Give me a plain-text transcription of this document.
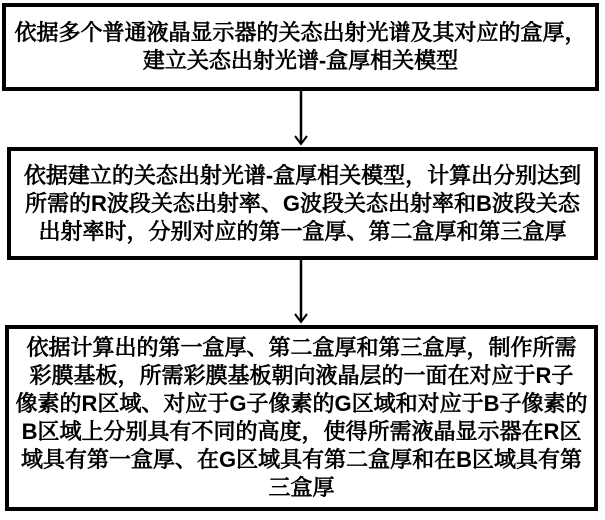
依据多个普通液晶显示器的关态出射光谱及其对应的盒厚，
建立关态出射光谱-盒厚相关模型
依据建立的关态出射光谱-盒厚相关模型，计算出分别达到
所需的R波段关态出射率、G波段关态出射率和B波段关态
出射率时，分别对应的第一盒厚、第二盒厚和第三盒厚
依据计算出的第一盒厚、第二盒厚和第三盒厚，制作所需
彩膜基板，所需彩膜基板朝向液晶层的一面在对应于R子
像素的R区域、对应于G子像素的G区域和对应于B子像素的
B区域上分别具有不同的高度，使得所需液晶显示器在R区
域具有第一盒厚、在G区域具有第二盒厚和在B区域具有第
三盒厚
